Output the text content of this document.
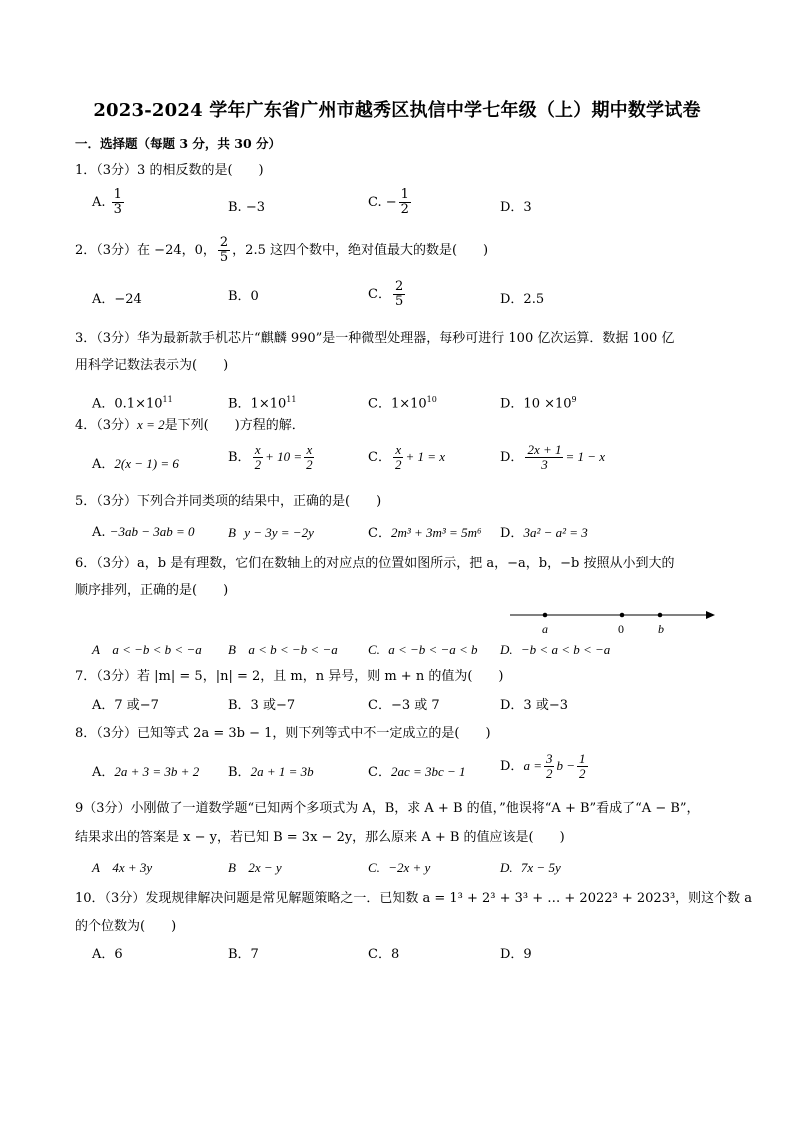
2023-2024 学年广东省广州市越秀区执信中学七年级（上）期中数学试卷
一．选择题（每题 3 分，共 30 分）
1．（3分）3 的相反数的是(　　)
A. $\frac{1}{3}$	B. −3	C. − $\frac{1}{2}$	D．3
2．（3分）在 −24，0， $\frac{2}{5}$ ，2.5 这四个数中，绝对值最大的数是(　　)
A．−24	B．0	C． $\frac{2}{5}$	D．2.5
3．（3分）华为最新款手机芯片“麒麟 990”是一种微型处理器，每秒可进行 100 亿次运算．数据 100 亿
用科学记数法表示为(　　)
A．$0.1\times 10^{11}$	B．$1\times 10^{11}$	C．$1\times 10^{10}$	D．$10 \times 10^9$
4．（3分）x = 2是下列(　　)方程的解．
A．2(x − 1) = 6	B． $\frac{x}{2} + 10 = \frac{x}{2}$	C． $\frac{x}{2} + 1 = x$	D． $\frac{2x + 1}{3} = 1 - x$
5．（3分）下列合并同类项的结果中，正确的是(　　)
A. −3ab − 3ab = 0	B y − 3y = −2y	C．2m³ + 3m³ = 5m⁶ D．3a² − a² = 3
6．（3分）a，b 是有理数，它们在数轴上的对应点的位置如图所示，把 a，−a，b，−b 按照从小到大的
顺序排列，正确的是(　　)
a	0	b
A a < −b < b < −a B a < b < −b < −a C. a < −b < −a < b D. −b < a < b < −a
7．（3分）若 |m| = 5，|n| = 2，且 m，n 异号，则 m + n 的值为(　　)
A．7 或−7	B．3 或−7	C．−3 或 7	D．3 或−3
8．（3分）已知等式 2a = 3b − 1，则下列等式中不一定成立的是(　　)
A．2a + 3 = 3b + 2 B．2a + 1 = 3b	C．2ac = 3bc − 1	D．$a = \frac{3}{2}$ $b - \frac{1}{2}$
9（3分）小刚做了一道数学题“已知两个多项式为 A，B，求 A + B 的值，”他误将“A + B”看成了“A − B”，
结果求出的答案是 x − y，若已知 B = 3x − 2y，那么原来 A + B 的值应该是(　　)
A 4x + 3y	B 2x − y	C. −2x + y	D. 7x − 5y
10．（3分）发现规律解决问题是常见解题策略之一．已知数 a = 1³ + 2³ + 3³ + … + 2022³ + 2023³，则这个数 a
的个位数为(　　)
A．6	B．7	C．8	D．9
